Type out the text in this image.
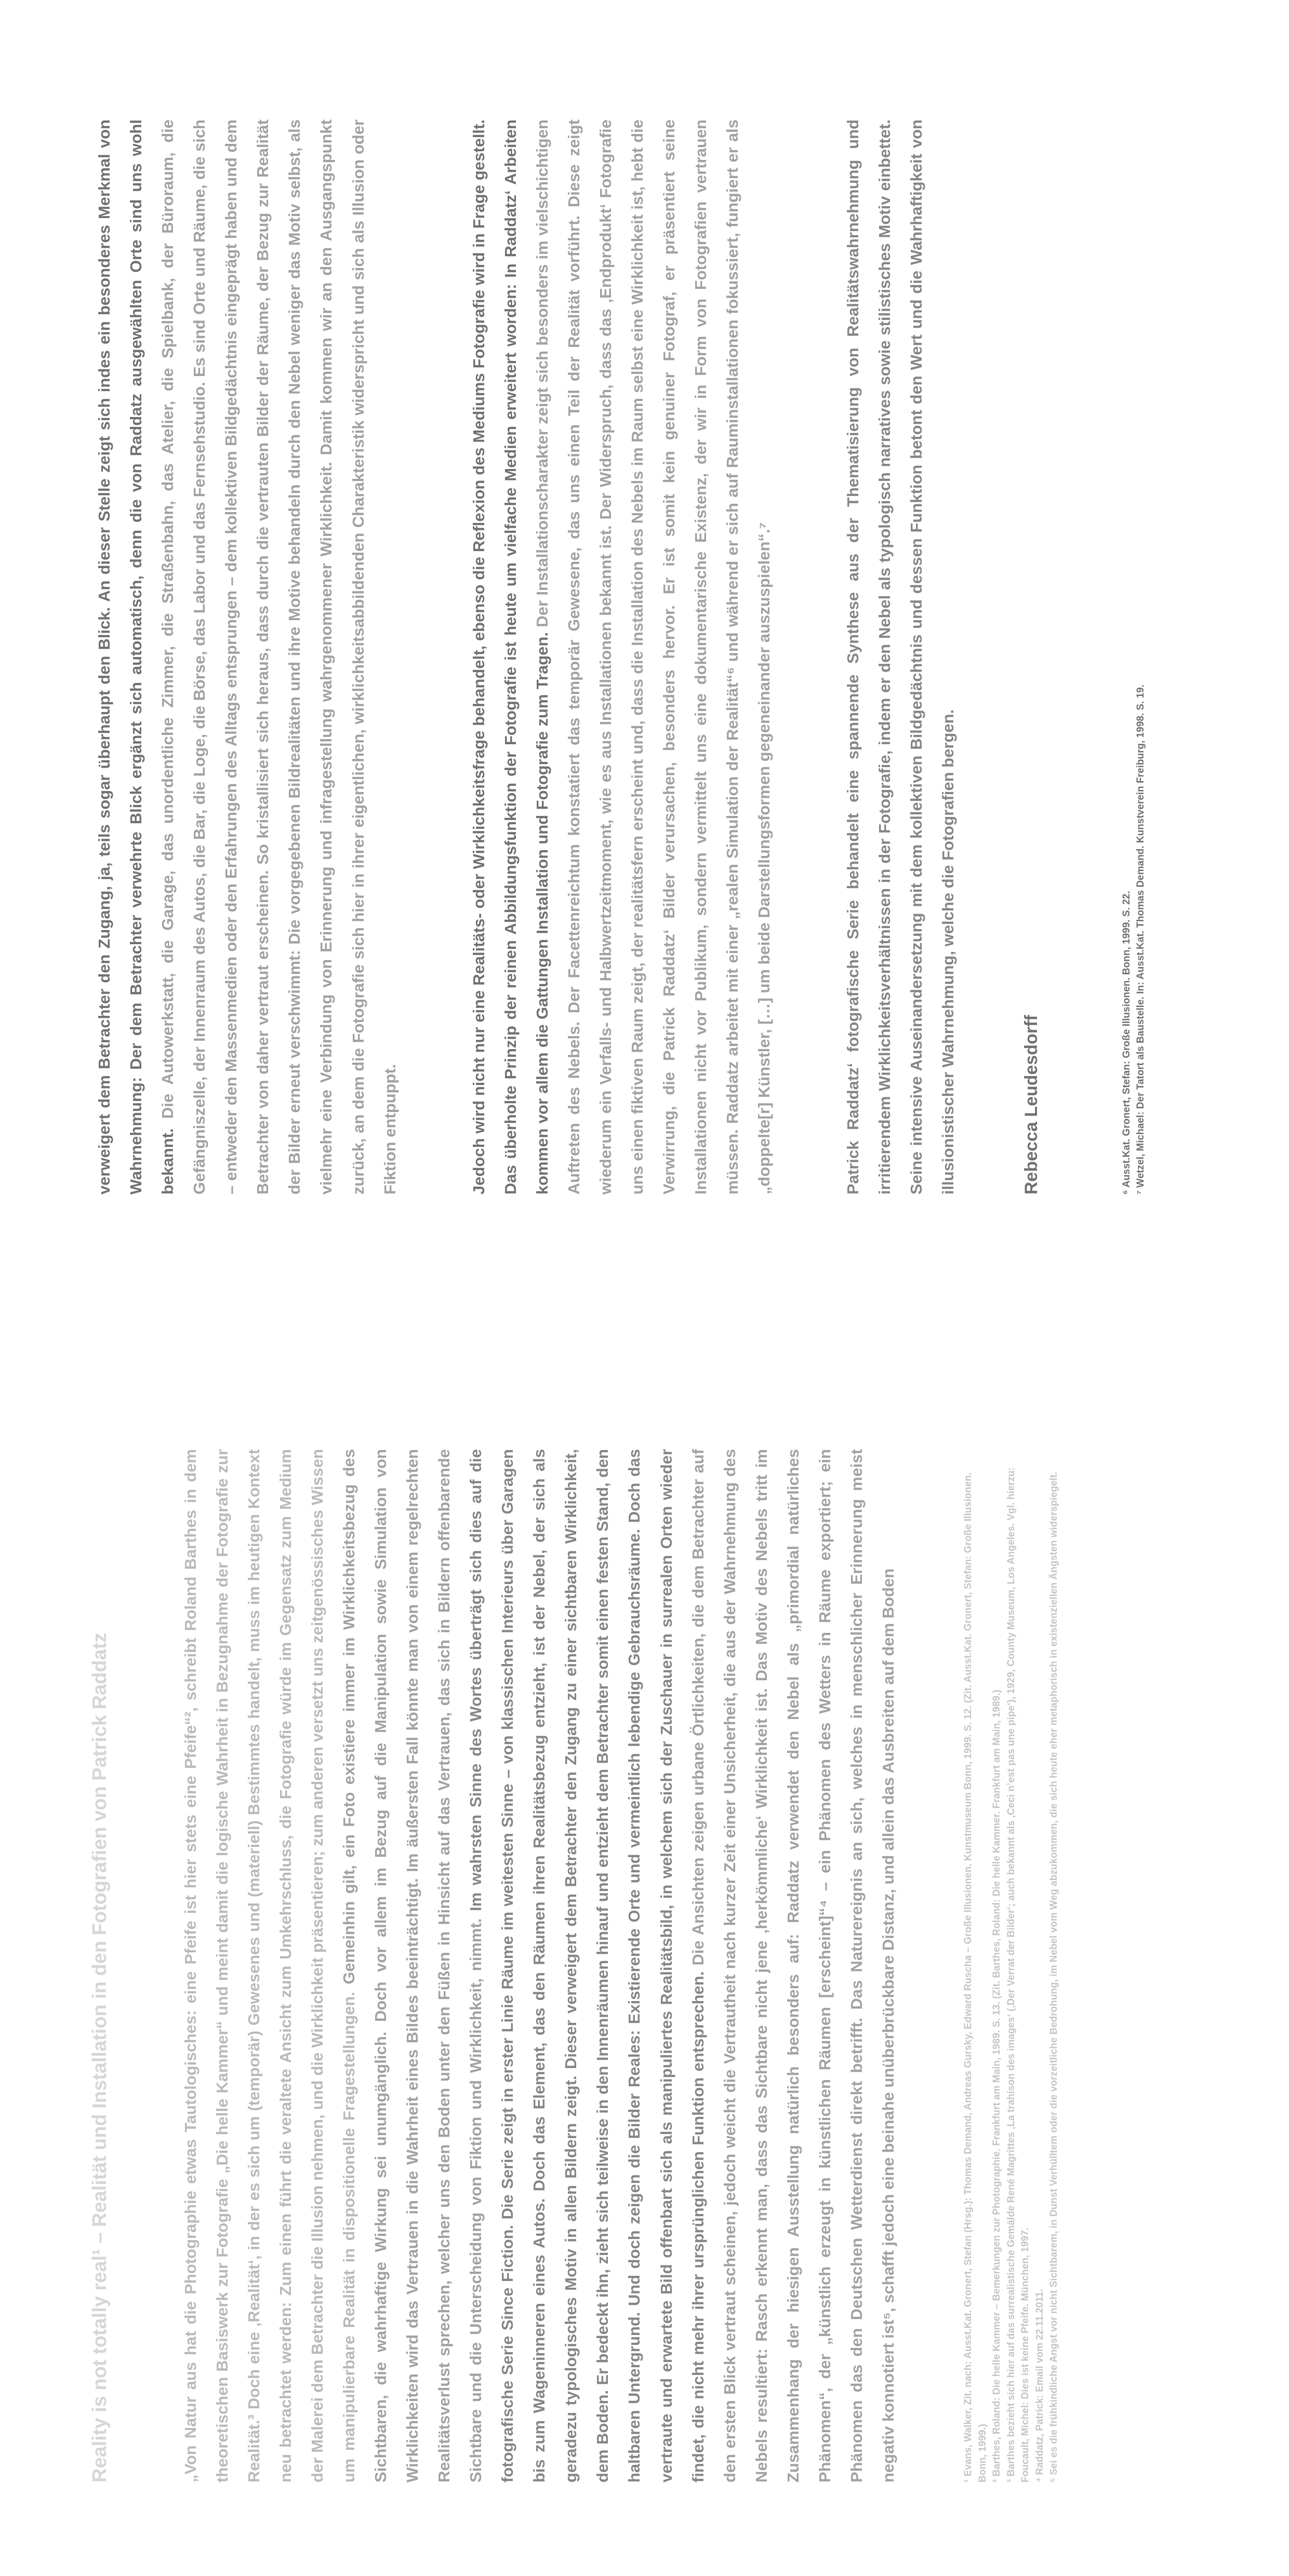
Reality is not totally real¹ – Realität und Installation in den Fotografien von Patrick Raddatz	„Von Natur aus hat die Photographie etwas Tautologisches: eine Pfeife ist hier stets eine Pfeife“², schreibt Roland Barthes in dem theoretischen Basiswerk zur Fotografie „Die helle Kammer“ und meint damit die logische Wahrheit in Bezugnahme der Fotografie zur Realität.³ Doch eine ‚Realität‘, in der es sich um (temporär) Gewesenes und (materiell) Bestimmtes handelt, muss im heutigen Kontext neu betrachtet werden: Zum einen führt die veraltete Ansicht zum Umkehrschluss, die Fotografie würde im Gegensatz zum Medium der Malerei dem Betrachter die Illusion nehmen, und die Wirklichkeit präsentieren; zum anderen versetzt uns zeitgenössisches Wissen um manipulierbare Realität in dispositionelle Fragestellungen. Gemeinhin gilt, ein Foto existiere immer im Wirklichkeitsbezug des Sichtbaren, die wahrhaftige Wirkung sei unumgänglich. Doch vor allem im Bezug auf die Manipulation sowie Simulation von Wirklichkeiten wird das Vertrauen in die Wahrheit eines Bildes beeinträchtigt. Im äußersten Fall könnte man von einem regelrechten Realitätsverlust sprechen, welcher uns den Boden unter den Füßen in Hinsicht auf das Vertrauen, das sich in Bildern offenbarende Sichtbare und die Unterscheidung von Fiktion und Wirklichkeit, nimmt. Im wahrsten Sinne des Wortes überträgt sich dies auf die fotografische Serie Since Fiction. Die Serie zeigt in erster Linie Räume im weitesten Sinne – von klassischen Interieurs über Garagen bis zum Wageninneren eines Autos. Doch das Element, das den Räumen ihren Realitätsbezug entzieht, ist der Nebel, der sich als geradezu typologisches Motiv in allen Bildern zeigt. Dieser verweigert dem Betrachter den Zugang zu einer sichtbaren Wirklichkeit, dem Boden. Er bedeckt ihn, zieht sich teilweise in den Innenräumen hinauf und entzieht dem Betrachter somit einen festen Stand, den haltbaren Untergrund. Und doch zeigen die Bilder Reales: Existierende Orte und vermeintlich lebendige Gebrauchsräume. Doch das vertraute und erwartete Bild offenbart sich als manipuliertes Realitätsbild, in welchem sich der Zuschauer in surrealen Orten wieder findet, die nicht mehr ihrer ursprünglichen Funktion entsprechen. Die Ansichten zeigen urbane Örtlichkeiten, die dem Betrachter auf den ersten Blick vertraut scheinen, jedoch weicht die Vertrautheit nach kurzer Zeit einer Unsicherheit, die aus der Wahrnehmung des Nebels resultiert: Rasch erkennt man, dass das Sichtbare nicht jene ‚herkömmliche‘ Wirklichkeit ist. Das Motiv des Nebels tritt im Zusammenhang der hiesigen Ausstellung natürlich besonders auf: Raddatz verwendet den Nebel als „primordial natürliches Phänomen“, der „künstlich erzeugt in künstlichen Räumen [erscheint]“⁴ – ein Phänomen des Wetters in Räume exportiert; ein Phänomen das den Deutschen Wetterdienst direkt betrifft. Das Naturereignis an sich, welches in menschlicher Erinnerung meist negativ konnotiert ist⁵, schafft jedoch eine beinahe unüberbrückbare Distanz, und allein das Ausbreiten auf dem Boden	¹ Evans, Walker, Zit. nach: Ausst.Kat. Gronert, Stefan (Hrsg.): Thomas Demand, Andreas Gursky, Edward Ruscha – Große Illusionen. Kunstmuseum Bonn, 1999. S. 12. (Zit. Ausst.Kat. Gronert, Stefan: Große Illusionen. Bonn, 1999.) ² Barthes, Roland: Die helle Kammer – Bemerkungen zur Photographie. Frankfurt am Main, 1989. S. 13. (Zit. Barthes, Roland: Die helle Kammer. Frankfurt am Main, 1989.) ³ Barthes bezieht sich hier auf das surrealistische Gemälde René Magrittes ‚La trahison des images‘ (‚Der Verrat der Bilder‘; auch bekannt als ‚Ceci n’est pas une pipe‘), 1929, County Museum, Los Angeles. Vgl. hierzu: Foucault, Michel: Dies ist keine Pfeife. München, 1997. ⁴ Raddatz, Patrick: Email vom 22.11.2011. ⁵ Sei es die frühkindliche Angst vor nicht Sichtbarem, in Dunst Verhülltem oder die vorzeitliche Bedrohung, im Nebel vom Weg abzukommen, die sich heute eher metaphorisch in existenziellen Ängsten widerspiegelt.

verweigert dem Betrachter den Zugang, ja, teils sogar überhaupt den Blick. An dieser Stelle zeigt sich indes ein besonderes Merkmal von Wahrnehmung: Der dem Betrachter verwehrte Blick ergänzt sich automatisch, denn die von Raddatz ausgewählten Orte sind uns wohl bekannt. Die Autowerkstatt, die Garage, das unordentliche Zimmer, die Straßenbahn, das Atelier, die Spielbank, der Büroraum, die Gefängniszelle, der Innenraum des Autos, die Bar, die Loge, die Börse, das Labor und das Fernsehstudio. Es sind Orte und Räume, die sich – entweder den Massenmedien oder den Erfahrungen des Alltags entsprungen – dem kollektiven Bildgedächtnis eingeprägt haben und dem Betrachter von daher vertraut erscheinen. So kristallisiert sich heraus, dass durch die vertrauten Bilder der Räume, der Bezug zur Realität der Bilder erneut verschwimmt: Die vorgegebenen Bildrealitäten und ihre Motive behandeln durch den Nebel weniger das Motiv selbst, als vielmehr eine Verbindung von Erinnerung und infragestellung wahrgenommener Wirklichkeit. Damit kommen wir an den Ausgangspunkt zurück, an dem die Fotografie sich hier in ihrer eigentlichen, wirklichkeitsabbildenden Charakteristik widerspricht und sich als Illusion oder Fiktion entpuppt.	Jedoch wird nicht nur eine Realitäts- oder Wirklichkeitsfrage behandelt, ebenso die Reflexion des Mediums Fotografie wird in Frage gestellt. Das überholte Prinzip der reinen Abbildungsfunktion der Fotografie ist heute um vielfache Medien erweitert worden: In Raddatz‘ Arbeiten kommen vor allem die Gattungen Installation und Fotografie zum Tragen. Der Installationscharakter zeigt sich besonders im vielschichtigen Auftreten des Nebels. Der Facettenreichtum konstatiert das temporär Gewesene, das uns einen Teil der Realität vorführt. Diese zeigt wiederum ein Verfalls- und Halbwertzeitmoment, wie es aus Installationen bekannt ist. Der Widerspruch, dass das ‚Endprodukt‘ Fotografie uns einen fiktiven Raum zeigt, der realitätsfern erscheint und, dass die Installation des Nebels im Raum selbst eine Wirklichkeit ist, hebt die Verwirrung, die Patrick Raddatz‘ Bilder verursachen, besonders hervor. Er ist somit kein genuiner Fotograf, er präsentiert seine Installationen nicht vor Publikum, sondern vermittelt uns eine dokumentarische Existenz, der wir in Form von Fotografien vertrauen müssen. Raddatz arbeitet mit einer „realen Simulation der Realität“⁶ und während er sich auf Rauminstallationen fokussiert, fungiert er als „doppelte[r] Künstler, […] um beide Darstellungsformen gegeneinander auszuspielen“.⁷	Patrick Raddatz‘ fotografische Serie behandelt eine spannende Synthese aus der Thematisierung von Realitätswahrnehmung und irritierendem Wirklichkeitsverhältnissen in der Fotografie, indem er den Nebel als typologisch narratives sowie stilistisches Motiv einbettet. Seine intensive Auseinandersetzung mit dem kollektiven Bildgedächtnis und dessen Funktion betont den Wert und die Wahrhaftigkeit von illusionistischer Wahrnehmung, welche die Fotografien bergen.	Rebecca Leudesdorff	⁶ Ausst.Kat. Gronert, Stefan: Große Illusionen. Bonn, 1999. S. 22. ⁷ Wetzel, Michael: Der Tatort als Baustelle. In: Ausst.Kat. Thomas Demand. Kunstverein Freiburg, 1998. S. 19.
